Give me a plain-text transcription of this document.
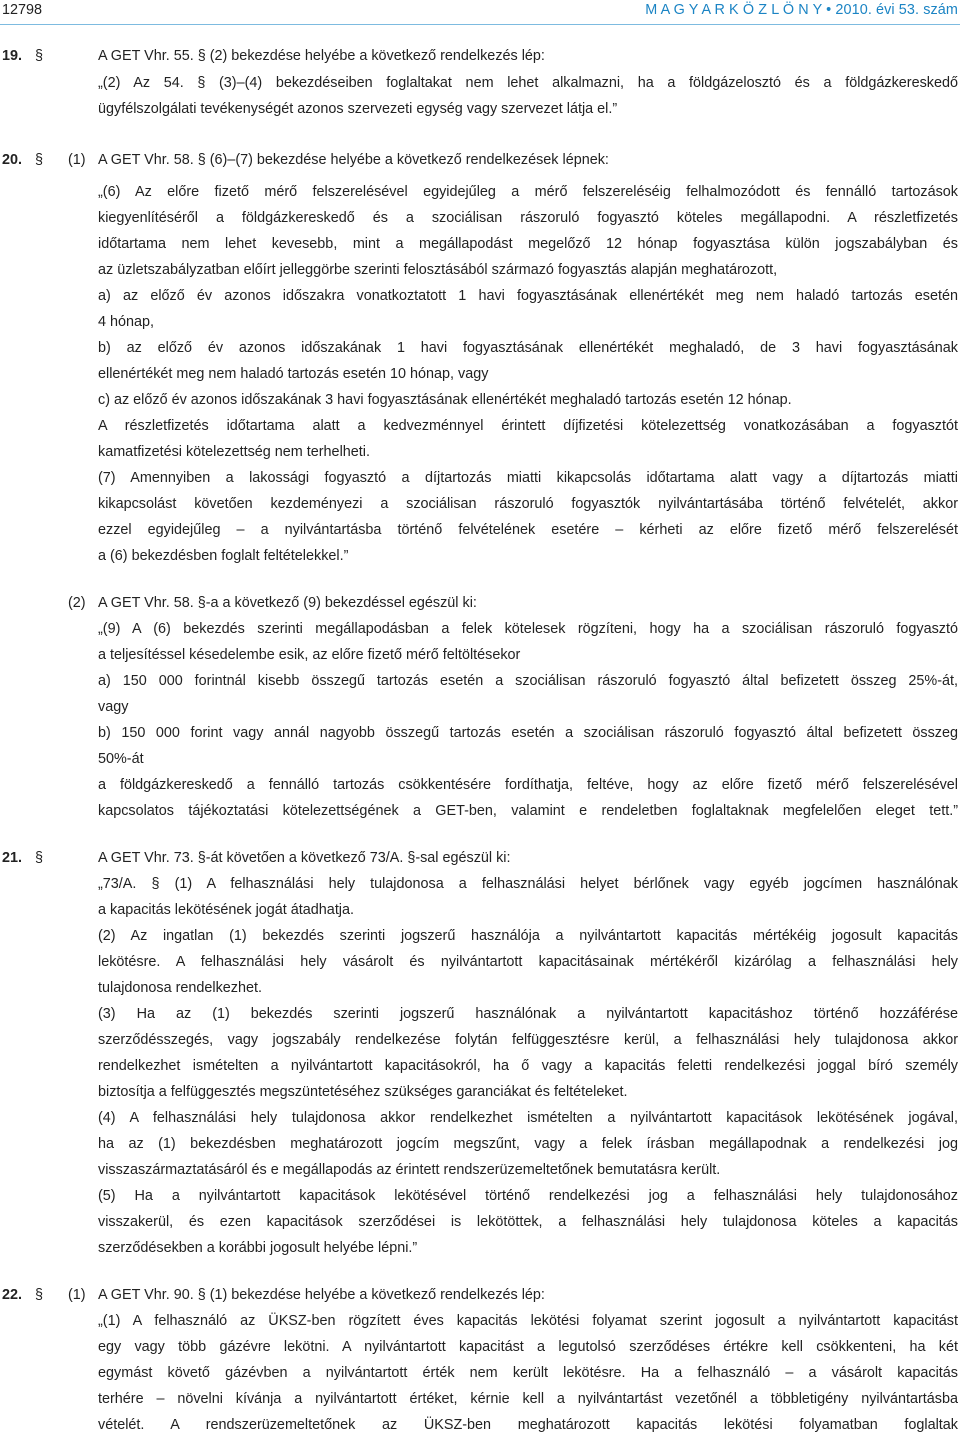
12798	M A G Y A R K Ö Z L Ö N Y • 2010. évi 53. szám
19. §	A GET Vhr. 55. § (2) bekezdése helyébe a következő rendelkezés lép:
„(2) Az 54. § (3)–(4) bekezdéseiben foglaltakat nem lehet alkalmazni, ha a földgázelosztó és a földgázkereskedő
ügyfélszolgálati tevékenységét azonos szervezeti egység vagy szervezet látja el.”
20. § (1) A GET Vhr. 58. § (6)–(7) bekezdése helyébe a következő rendelkezések lépnek:
„(6) Az előre fizető mérő felszerelésével egyidejűleg a mérő felszereléséig felhalmozódott és fennálló tartozások
kiegyenlítéséről a földgázkereskedő és a szociálisan rászoruló fogyasztó köteles megállapodni. A részletfizetés
időtartama nem lehet kevesebb, mint a megállapodást megelőző 12 hónap fogyasztása külön jogszabályban és
az üzletszabályzatban előírt jelleggörbe szerinti felosztásából származó fogyasztás alapján meghatározott,
a) az előző év azonos időszakra vonatkoztatott 1 havi fogyasztásának ellenértékét meg nem haladó tartozás esetén
4 hónap,
b) az előző év azonos időszakának 1 havi fogyasztásának ellenértékét meghaladó, de 3 havi fogyasztásának
ellenértékét meg nem haladó tartozás esetén 10 hónap, vagy
c) az előző év azonos időszakának 3 havi fogyasztásának ellenértékét meghaladó tartozás esetén 12 hónap.
A részletfizetés időtartama alatt a kedvezménnyel érintett díjfizetési kötelezettség vonatkozásában a fogyasztót
kamatfizetési kötelezettség nem terhelheti.
(7) Amennyiben a lakossági fogyasztó a díjtartozás miatti kikapcsolás időtartama alatt vagy a díjtartozás miatti
kikapcsolást követően kezdeményezi a szociálisan rászoruló fogyasztók nyilvántartásába történő felvételét, akkor
ezzel egyidejűleg – a nyilvántartásba történő felvételének esetére – kérheti az előre fizető mérő felszerelését
a (6) bekezdésben foglalt feltételekkel.”
(2) A GET Vhr. 58. §-a a következő (9) bekezdéssel egészül ki:
„(9) A (6) bekezdés szerinti megállapodásban a felek kötelesek rögzíteni, hogy ha a szociálisan rászoruló fogyasztó
a teljesítéssel késedelembe esik, az előre fizető mérő feltöltésekor
a) 150 000 forintnál kisebb összegű tartozás esetén a szociálisan rászoruló fogyasztó által befizetett összeg 25%-át,
vagy
b) 150 000 forint vagy annál nagyobb összegű tartozás esetén a szociálisan rászoruló fogyasztó által befizetett összeg
50%-át
a földgázkereskedő a fennálló tartozás csökkentésére fordíthatja, feltéve, hogy az előre fizető mérő felszerelésével
kapcsolatos tájékoztatási kötelezettségének a GET-ben, valamint e rendeletben foglaltaknak megfelelően eleget tett.”
21. §	A GET Vhr. 73. §-át követően a következő 73/A. §-sal egészül ki:
„73/A. § (1) A felhasználási hely tulajdonosa a felhasználási helyet bérlőnek vagy egyéb jogcímen használónak
a kapacitás lekötésének jogát átadhatja.
(2) Az ingatlan (1) bekezdés szerinti jogszerű használója a nyilvántartott kapacitás mértékéig jogosult kapacitás
lekötésre. A felhasználási hely vásárolt és nyilvántartott kapacitásainak mértékéről kizárólag a felhasználási hely
tulajdonosa rendelkezhet.
(3) Ha az (1) bekezdés szerinti jogszerű használónak a nyilvántartott kapacitáshoz történő hozzáférése
szerződésszegés, vagy jogszabály rendelkezése folytán felfüggesztésre kerül, a felhasználási hely tulajdonosa akkor
rendelkezhet ismételten a nyilvántartott kapacitásokról, ha ő vagy a kapacitás feletti rendelkezési joggal bíró személy
biztosítja a felfüggesztés megszüntetéséhez szükséges garanciákat és feltételeket.
(4) A felhasználási hely tulajdonosa akkor rendelkezhet ismételten a nyilvántartott kapacitások lekötésének jogával,
ha az (1) bekezdésben meghatározott jogcím megszűnt, vagy a felek írásban megállapodnak a rendelkezési jog
visszaszármaztatásáról és e megállapodás az érintett rendszerüzemeltetőnek bemutatásra került.
(5) Ha a nyilvántartott kapacitások lekötésével történő rendelkezési jog a felhasználási hely tulajdonosához
visszakerül, és ezen kapacitások szerződései is lekötöttek, a felhasználási hely tulajdonosa köteles a kapacitás
szerződésekben a korábbi jogosult helyébe lépni.”
22. § (1) A GET Vhr. 90. § (1) bekezdése helyébe a következő rendelkezés lép:
„(1) A felhasználó az ÜKSZ-ben rögzített éves kapacitás lekötési folyamat szerint jogosult a nyilvántartott kapacitást
egy vagy több gázévre lekötni. A nyilvántartott kapacitást a legutolsó szerződéses értékre kell csökkenteni, ha két
egymást követő gázévben a nyilvántartott érték nem került lekötésre. Ha a felhasználó – a vásárolt kapacitás
terhére – növelni kívánja a nyilvántartott értéket, kérnie kell a nyilvántartást vezetőnél a többletigény nyilvántartásba
vételét. A rendszerüzemeltetőnek az ÜKSZ-ben meghatározott kapacitás lekötési folyamatban foglaltak
